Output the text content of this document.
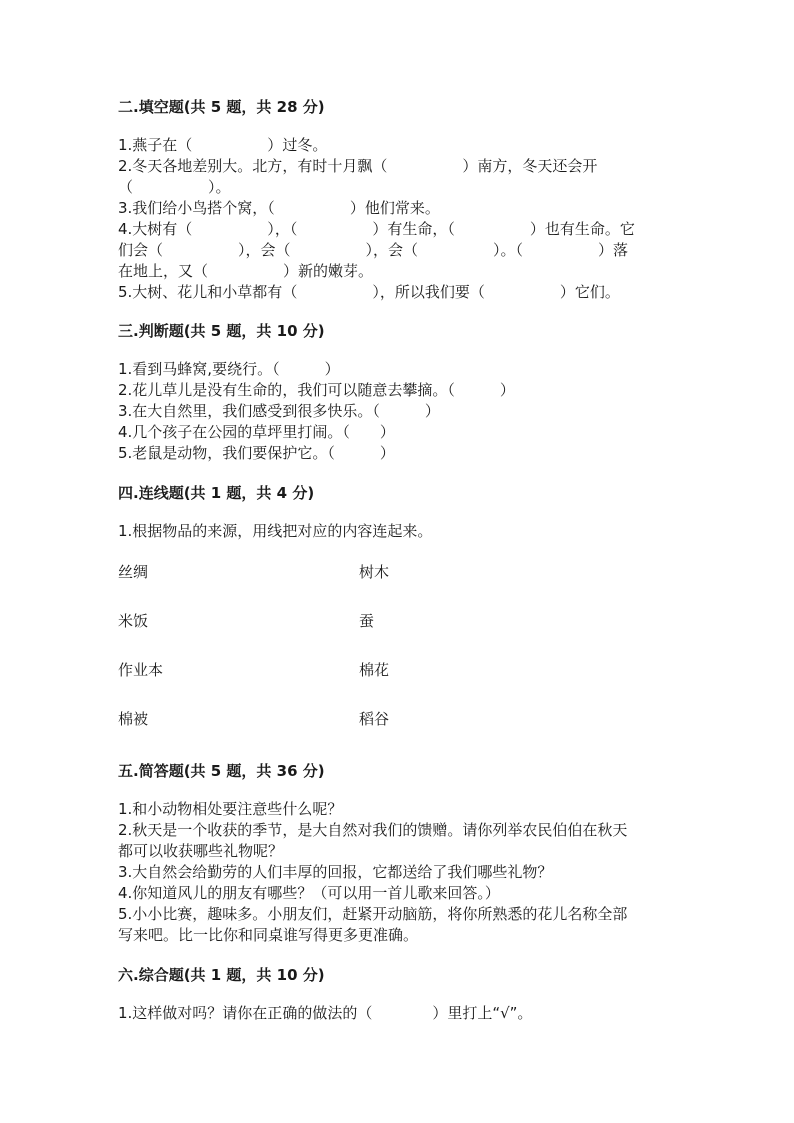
二.填空题(共 5 题，共 28 分)
1.燕子在（　　　　　）过冬。
2.冬天各地差别大。北方，有时十月飘（　　　　　）南方，冬天还会开
（　　　　　）。
3.我们给小鸟搭个窝，（　　　　　）他们常来。
4.大树有（　　　　　），（　　　　　）有生命，（　　　　　）也有生命。它
们会（　　　　　），会（　　　　　），会（　　　　　）。（　　　　　）落
在地上，又（　　　　　）新的嫩芽。
5.大树、花儿和小草都有（　　　　　），所以我们要（　　　　　）它们。
三.判断题(共 5 题，共 10 分)
1.看到马蜂窝,要绕行。（　　　）
2.花儿草儿是没有生命的，我们可以随意去攀摘。（　　　）
3.在大自然里，我们感受到很多快乐。（　　　）
4.几个孩子在公园的草坪里打闹。（　　）
5.老鼠是动物，我们要保护它。（　　　）
四.连线题(共 1 题，共 4 分)
1.根据物品的来源，用线把对应的内容连起来。
丝绸	树木
米饭	蚕
作业本	棉花
棉被	稻谷
五.简答题(共 5 题，共 36 分)
1.和小动物相处要注意些什么呢？
2.秋天是一个收获的季节，是大自然对我们的馈赠。请你列举农民伯伯在秋天
都可以收获哪些礼物呢？
3.大自然会给勤劳的人们丰厚的回报，它都送给了我们哪些礼物？
4.你知道风儿的朋友有哪些？（可以用一首儿歌来回答。）
5.小小比赛，趣味多。小朋友们，赶紧开动脑筋，将你所熟悉的花儿名称全部
写来吧。比一比你和同桌谁写得更多更准确。
六.综合题(共 1 题，共 10 分)
1.这样做对吗？请你在正确的做法的（　　　　）里打上“√”。
